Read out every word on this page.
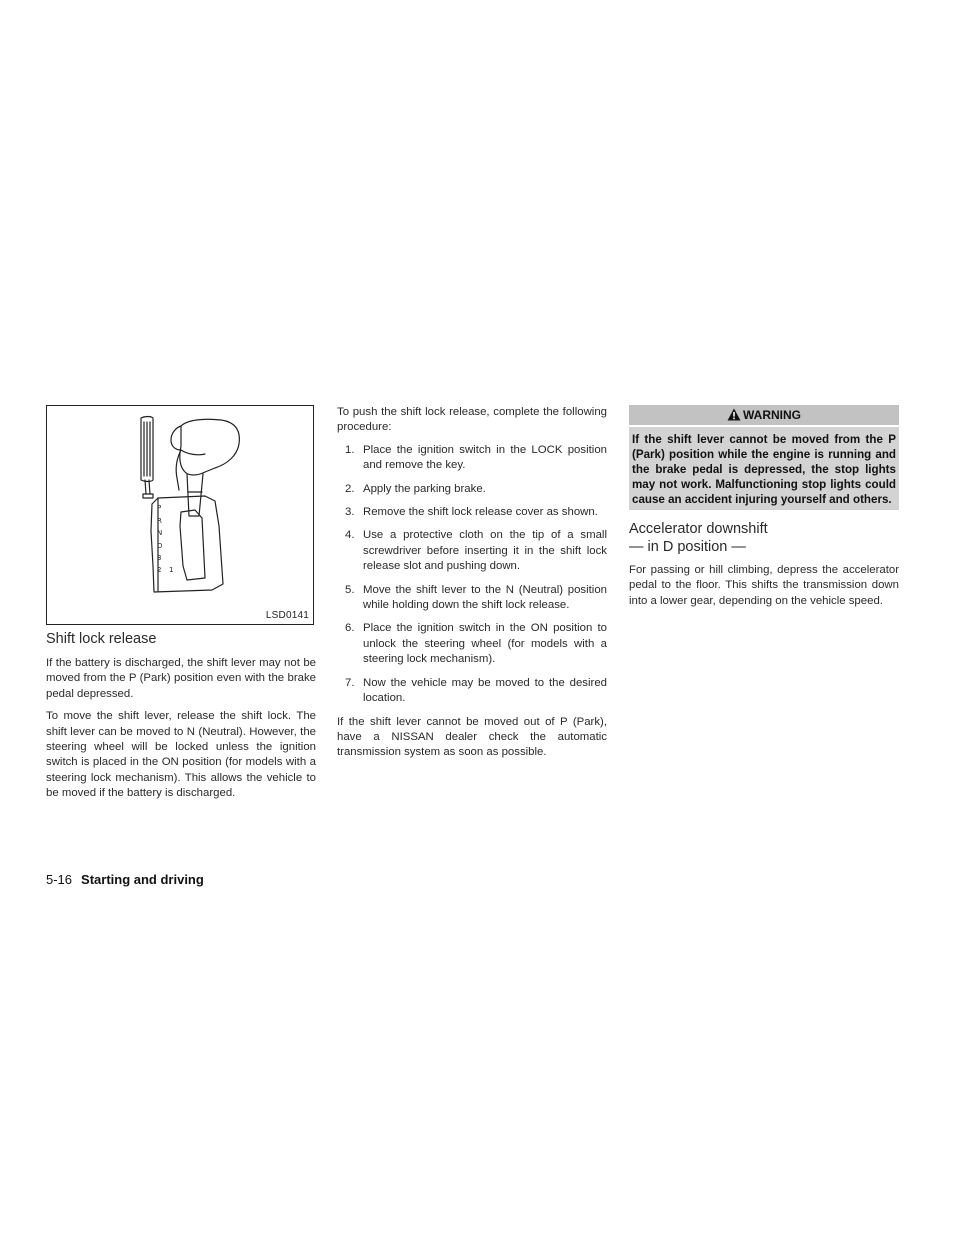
P
R
N
D
3
2 1
LSD0141
Shift lock release

If the battery is discharged, the shift lever may not be moved from the P (Park) position even with the brake pedal depressed.

To move the shift lever, release the shift lock. The shift lever can be moved to N (Neutral). However, the steering wheel will be locked unless the ignition switch is placed in the ON position (for models with a steering lock mechanism). This allows the vehicle to be moved if the battery is discharged.

To push the shift lock release, complete the following procedure:

1. Place the ignition switch in the LOCK position and remove the key.
2. Apply the parking brake.
3. Remove the shift lock release cover as shown.
4. Use a protective cloth on the tip of a small screwdriver before inserting it in the shift lock release slot and pushing down.
5. Move the shift lever to the N (Neutral) position while holding down the shift lock release.
6. Place the ignition switch in the ON position to unlock the steering wheel (for models with a steering lock mechanism).
7. Now the vehicle may be moved to the desired location.

If the shift lever cannot be moved out of P (Park), have a NISSAN dealer check the automatic transmission system as soon as possible.

WARNING
If the shift lever cannot be moved from the P (Park) position while the engine is running and the brake pedal is depressed, the stop lights may not work. Malfunctioning stop lights could cause an accident injuring yourself and others.
Accelerator downshift
— in D position —

For passing or hill climbing, depress the accelerator pedal to the floor. This shifts the transmission down into a lower gear, depending on the vehicle speed.

5-16 Starting and driving
